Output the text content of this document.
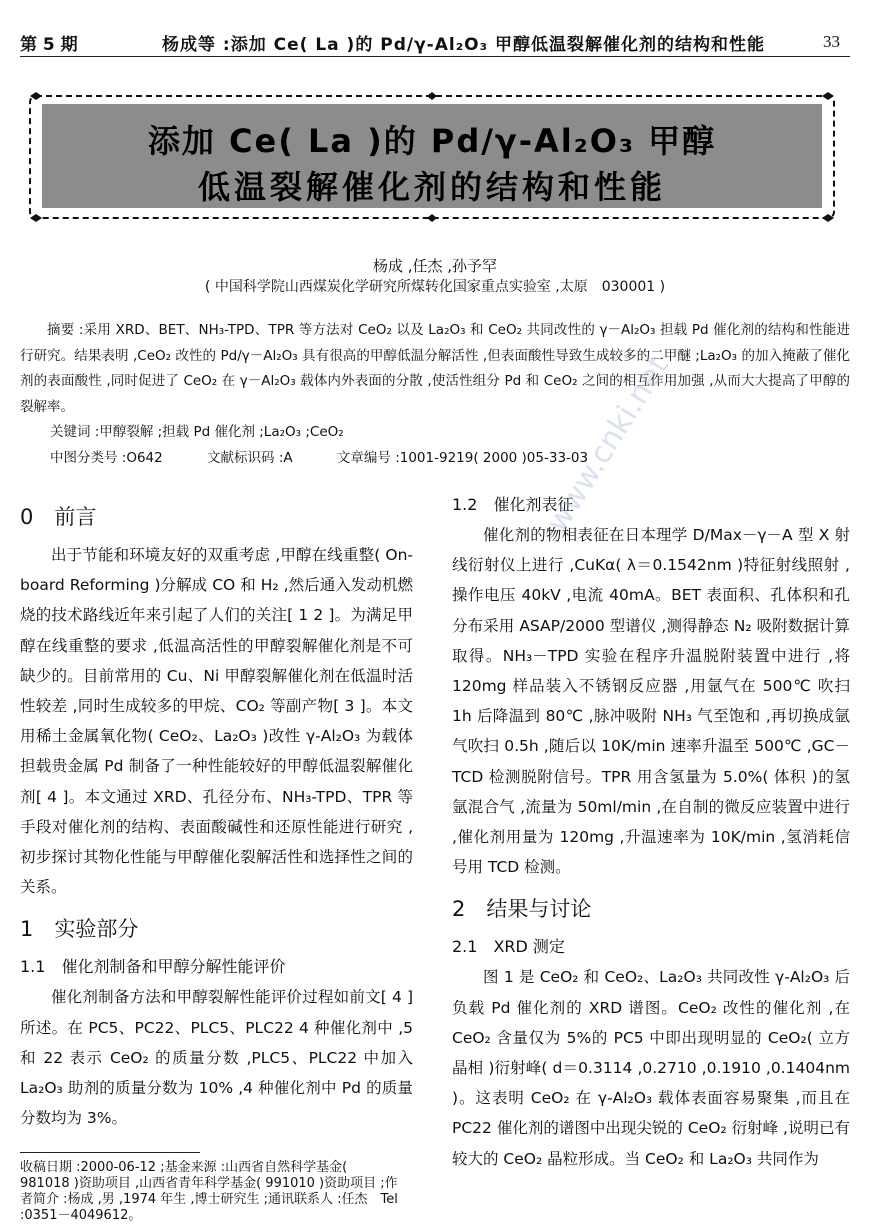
第 5 期	杨成等 :添加 Ce( La )的 Pd/γ-Al₂O₃ 甲醇低温裂解催化剂的结构和性能	33
添加 Ce( La )的 Pd/γ-Al₂O₃ 甲醇
低温裂解催化剂的结构和性能
杨成 ,任杰 ,孙予罕
( 中国科学院山西煤炭化学研究所煤转化国家重点实验室 ,太原　030001 )
摘要 :采用 XRD、BET、NH₃-TPD、TPR 等方法对 CeO₂ 以及 La₂O₃ 和 CeO₂ 共同改性的 γ－Al₂O₃ 担载 Pd 催化剂的结构和性能进行研究。结果表明 ,CeO₂ 改性的 Pd/γ－Al₂O₃ 具有很高的甲醇低温分解活性 ,但表面酸性导致生成较多的二甲醚 ;La₂O₃ 的加入掩蔽了催化剂的表面酸性 ,同时促进了 CeO₂ 在 γ－Al₂O₃ 载体内外表面的分散 ,使活性组分 Pd 和 CeO₂ 之间的相互作用加强 ,从而大大提高了甲醇的裂解率。
关键词 :甲醇裂解 ;担载 Pd 催化剂 ;La₂O₃ ;CeO₂
中图分类号 :O642	文献标识码 :A	文章编号 :1001-9219( 2000 )05-33-03
0　前言

出于节能和环境友好的双重考虑 ,甲醇在线重整( On-board Reforming )分解成 CO 和 H₂ ,然后通入发动机燃烧的技术路线近年来引起了人们的关注[ 1 2 ]。为满足甲醇在线重整的要求 ,低温高活性的甲醇裂解催化剂是不可缺少的。目前常用的 Cu、Ni 甲醇裂解催化剂在低温时活性较差 ,同时生成较多的甲烷、CO₂ 等副产物[ 3 ]。本文用稀土金属氧化物( CeO₂、La₂O₃ )改性 γ-Al₂O₃ 为载体担载贵金属 Pd 制备了一种性能较好的甲醇低温裂解催化剂[ 4 ]。本文通过 XRD、孔径分布、NH₃-TPD、TPR 等手段对催化剂的结构、表面酸碱性和还原性能进行研究 ,初步探讨其物化性能与甲醇催化裂解活性和选择性之间的关系。

1　实验部分
1.1　催化剂制备和甲醇分解性能评价

催化剂制备方法和甲醇裂解性能评价过程如前文[ 4 ]所述。在 PC5、PC22、PLC5、PLC22 4 种催化剂中 ,5 和 22 表示 CeO₂ 的质量分数 ,PLC5、PLC22 中加入 La₂O₃ 助剂的质量分数为 10% ,4 种催化剂中 Pd 的质量分数均为 3%。

1.2　催化剂表征

催化剂的物相表征在日本理学 D/Max－γ－A 型 X 射线衍射仪上进行 ,CuKα( λ＝0.1542nm )特征射线照射 ,操作电压 40kV ,电流 40mA。BET 表面积、孔体积和孔分布采用 ASAP/2000 型谱仪 ,测得静态 N₂ 吸附数据计算取得。NH₃－TPD 实验在程序升温脱附装置中进行 ,将 120mg 样品装入不锈钢反应器 ,用氩气在 500℃ 吹扫 1h 后降温到 80℃ ,脉冲吸附 NH₃ 气至饱和 ,再切换成氩气吹扫 0.5h ,随后以 10K/min 速率升温至 500℃ ,GC－TCD 检测脱附信号。TPR 用含氢量为 5.0%( 体积 )的氢氩混合气 ,流量为 50ml/min ,在自制的微反应装置中进行 ,催化剂用量为 120mg ,升温速率为 10K/min ,氢消耗信号用 TCD 检测。

2　结果与讨论
2.1　XRD 测定

图 1 是 CeO₂ 和 CeO₂、La₂O₃ 共同改性 γ-Al₂O₃ 后负载 Pd 催化剂的 XRD 谱图。CeO₂ 改性的催化剂 ,在 CeO₂ 含量仅为 5%的 PC5 中即出现明显的 CeO₂( 立方晶相 )衍射峰( d＝0.3114 ,0.2710 ,0.1910 ,0.1404nm )。这表明 CeO₂ 在 γ-Al₂O₃ 载体表面容易聚集 ,而且在 PC22 催化剂的谱图中出现尖锐的 CeO₂ 衍射峰 ,说明已有较大的 CeO₂ 晶粒形成。当 CeO₂ 和 La₂O₃ 共同作为

收稿日期 :2000-06-12 ;基金来源 :山西省自然科学基金( 981018 )资助项目 ,山西省青年科学基金( 991010 )资助项目 ;作者简介 :杨成 ,男 ,1974 年生 ,博士研究生 ;通讯联系人 :任杰　Tel :0351－4049612。
www.cnki.net
